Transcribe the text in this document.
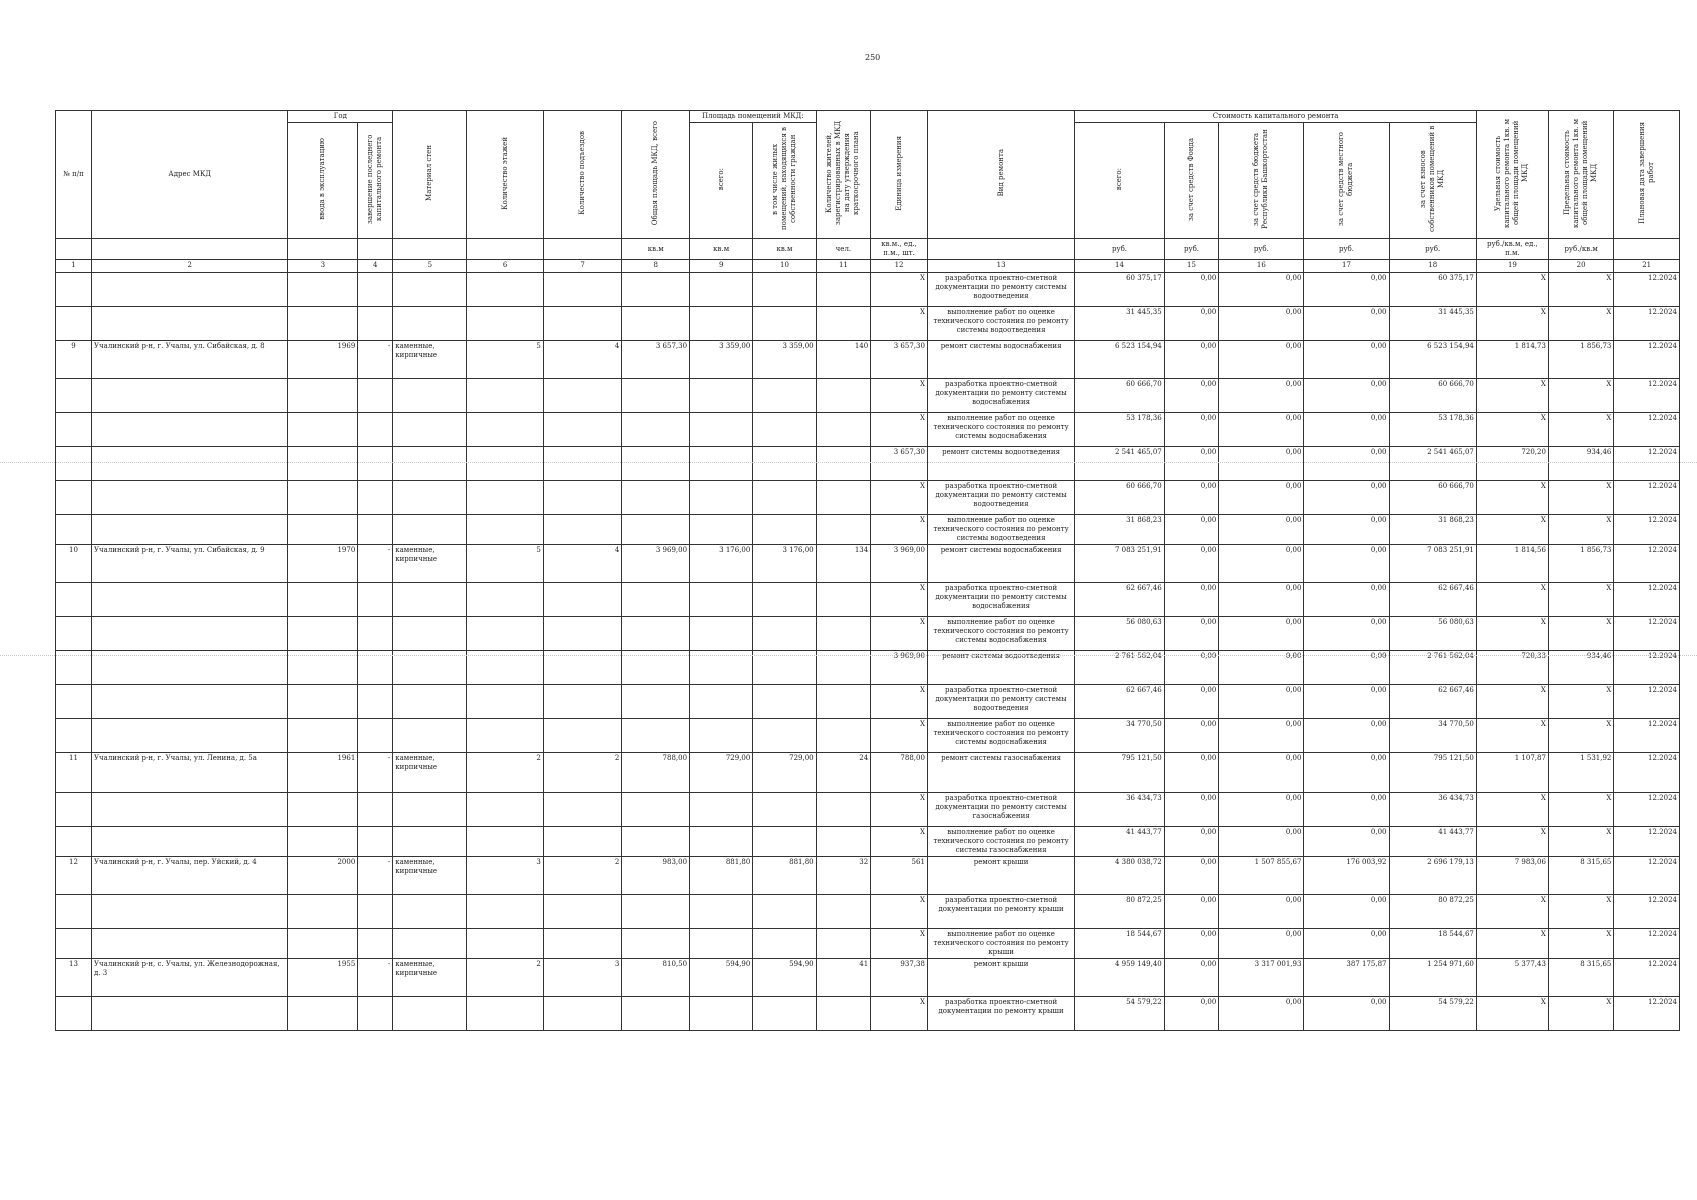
250
№ п/п	Адрес МКД	Год		Материал стен	Количество этажей	Количество подъездов	Общая площадь МКД, всего	Площадь помещений МКД:		Количество жителей, зарегистрированных в МКД на дату утверждения краткосрочного плана	Единица измерения	Вид ремонта	Стоимость капитального ремонта					Удельная стоимость капитального ремонта 1кв. м общей площади помещений МКД	Предельная стоимость капитального ремонта 1кв. м общей площади помещений МКД	Плановая дата завершения работ
		ввода в эксплуатацию	завершение последнего капитального ремонта					всего:	в том числе жилых помещений, находящихся в собственности граждан				всего:	за счет средств Фонда	за счет средств бюджета Республики Башкортостан	за счет средств местного бюджета	за счет взносов собственников помещений в МКД			
							кв.м	кв.м	кв.м	чел.	кв.м., ед., п.м., шт.		руб.	руб.	руб.	руб.	руб.	руб./кв.м, ед., п.м.	руб./кв.м	
1	2	3	4	5	6	7	8	9	10	11	12	13	14	15	16	17	18	19	20	21
											X	разработка проектно-сметной документации по ремонту системы водоотведения	60 375,17	0,00	0,00	0,00	60 375,17	X	X	12.2024
											X	выполнение работ по оценке технического состояния по ремонту системы водоотведения	31 445,35	0,00	0,00	0,00	31 445,35	X	X	12.2024
9	Учалинский р-н, г. Учалы, ул. Сибайская, д. 8	1969	-	каменные, кирпичные	5	4	3 657,30	3 359,00	3 359,00	140	3 657,30	ремонт системы водоснабжения	6 523 154,94	0,00	0,00	0,00	6 523 154,94	1 814,73	1 856,73	12.2024
											X	разработка проектно-сметной документации по ремонту системы водоснабжения	60 666,70	0,00	0,00	0,00	60 666,70	X	X	12.2024
											X	выполнение работ по оценке технического состояния по ремонту системы водоснабжения	53 178,36	0,00	0,00	0,00	53 178,36	X	X	12.2024
											3 657,30	ремонт системы водоотведения	2 541 465,07	0,00	0,00	0,00	2 541 465,07	720,20	934,46	12.2024
											X	разработка проектно-сметной документации по ремонту системы водоотведения	60 666,70	0,00	0,00	0,00	60 666,70	X	X	12.2024
											X	выполнение работ по оценке технического состояния по ремонту системы водоотведения	31 868,23	0,00	0,00	0,00	31 868,23	X	X	12.2024
10	Учалинский р-н, г. Учалы, ул. Сибайская, д. 9	1970	-	каменные, кирпичные	5	4	3 969,00	3 176,00	3 176,00	134	3 969,00	ремонт системы водоснабжения	7 083 251,91	0,00	0,00	0,00	7 083 251,91	1 814,56	1 856,73	12.2024
											X	разработка проектно-сметной документации по ремонту системы водоснабжения	62 667,46	0,00	0,00	0,00	62 667,46	X	X	12.2024
											X	выполнение работ по оценке технического состояния по ремонту системы водоснабжения	56 080,63	0,00	0,00	0,00	56 080,63	X	X	12.2024
											3 969,00	ремонт системы водоотведения	2 761 562,04	0,00	0,00	0,00	2 761 562,04	720,33	934,46	12.2024
											X	разработка проектно-сметной документации по ремонту системы водоотведения	62 667,46	0,00	0,00	0,00	62 667,46	X	X	12.2024
											X	выполнение работ по оценке технического состояния по ремонту системы водоснабжения	34 770,50	0,00	0,00	0,00	34 770,50	X	X	12.2024
11	Учалинский р-н, г. Учалы, ул. Ленина, д. 5а	1961	-	каменные, кирпичные	2	2	788,00	729,00	729,00	24	788,00	ремонт системы газоснабжения	795 121,50	0,00	0,00	0,00	795 121,50	1 107,87	1 531,92	12.2024
											X	разработка проектно-сметной документации по ремонту системы газоснабжения	36 434,73	0,00	0,00	0,00	36 434,73	X	X	12.2024
											X	выполнение работ по оценке технического состояния по ремонту системы газоснабжения	41 443,77	0,00	0,00	0,00	41 443,77	X	X	12.2024
12	Учалинский р-н, г. Учалы, пер. Уйский, д. 4	2000	-	каменные, кирпичные	3	2	983,00	881,80	881,80	32	561	ремонт крыши	4 380 038,72	0,00	1 507 855,67	176 003,92	2 696 179,13	7 983,06	8 315,65	12.2024
											X	разработка проектно-сметной документации по ремонту крыши	80 872,25	0,00	0,00	0,00	80 872,25	X	X	12.2024
											X	выполнение работ по оценке технического состояния по ремонту крыши	18 544,67	0,00	0,00	0,00	18 544,67	X	X	12.2024
13	Учалинский р-н, с. Учалы, ул. Железнодорожная, д. 3	1955	-	каменные, кирпичные	2	3	810,50	594,90	594,90	41	937,38	ремонт крыши	4 959 149,40	0,00	3 317 001,93	387 175,87	1 254 971,60	5 377,43	8 315,65	12.2024
											X	разработка проектно-сметной документации по ремонту крыши	54 579,22	0,00	0,00	0,00	54 579,22	X	X	12.2024
